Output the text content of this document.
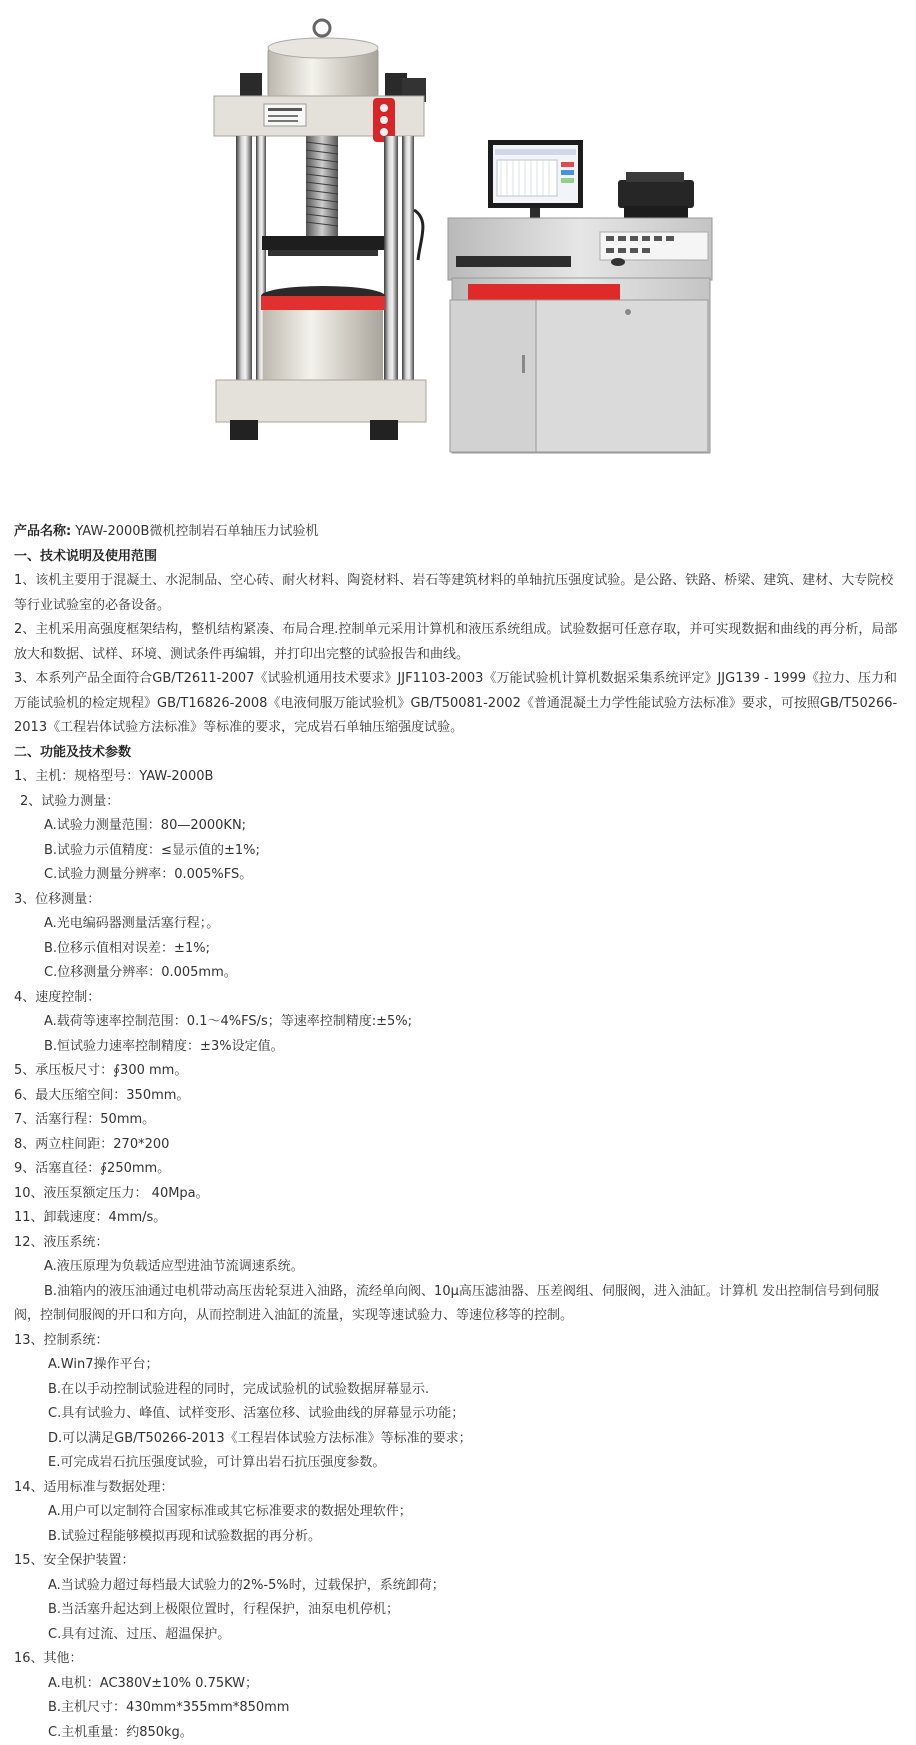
产品名称: YAW-2000B微机控制岩石单轴压力试验机

一、技术说明及使用范围

1、该机主要用于混凝土、水泥制品、空心砖、耐火材料、陶瓷材料、岩石等建筑材料的单轴抗压强度试验。是公路、铁路、桥梁、建筑、建材、大专院校等行业试验室的必备设备。

2、主机采用高强度框架结构，整机结构紧凑、布局合理.控制单元采用计算机和液压系统组成。试验数据可任意存取，并可实现数据和曲线的再分析，局部放大和数据、试样、环境、测试条件再编辑，并打印出完整的试验报告和曲线。

3、本系列产品全面符合GB/T2611-2007《试验机通用技术要求》JJF1103-2003《万能试验机计算机数据采集系统评定》JJG139 - 1999《拉力、压力和万能试验机的检定规程》GB/T16826-2008《电液伺服万能试验机》GB/T50081-2002《普通混凝土力学性能试验方法标准》要求，可按照GB/T50266-2013《工程岩体试验方法标准》等标准的要求，完成岩石单轴压缩强度试验。

二、功能及技术参数

1、主机：规格型号：YAW-2000B

2、试验力测量：

A.试验力测量范围：80—2000KN;

B.试验力示值精度：≤显示值的±1%;

C.试验力测量分辨率：0.005%FS。

3、位移测量：

A.光电编码器测量活塞行程；。

B.位移示值相对误差：±1%;

C.位移测量分辨率：0.005mm。

4、速度控制：

A.载荷等速率控制范围：0.1～4%FS/s；等速率控制精度:±5%;

B.恒试验力速率控制精度：±3%设定值。

5、承压板尺寸：∮300 mm。

6、最大压缩空间：350mm。

7、活塞行程：50mm。

8、两立柱间距：270*200

9、活塞直径：∮250mm。

10、液压泵额定压力： 40Mpa。

11、卸载速度：4mm/s。

12、液压系统：

A.液压原理为负载适应型进油节流调速系统。

B.油箱内的液压油通过电机带动高压齿轮泵进入油路，流经单向阀、10μ高压滤油器、压差阀组、伺服阀，进入油缸。计算机 发出控制信号到伺服阀，控制伺服阀的开口和方向，从而控制进入油缸的流量，实现等速试验力、等速位移等的控制。

13、控制系统：

A.Win7操作平台；

B.在以手动控制试验进程的同时，完成试验机的试验数据屏幕显示.

C.具有试验力、峰值、试样变形、活塞位移、试验曲线的屏幕显示功能；

D.可以满足GB/T50266-2013《工程岩体试验方法标准》等标准的要求；

E.可完成岩石抗压强度试验，可计算出岩石抗压强度参数。

14、适用标准与数据处理：

A.用户可以定制符合国家标准或其它标准要求的数据处理软件；

B.试验过程能够模拟再现和试验数据的再分析。

15、安全保护装置：

A.当试验力超过每档最大试验力的2%-5%时，过载保护，系统卸荷；

B.当活塞升起达到上极限位置时，行程保护，油泵电机停机；

C.具有过流、过压、超温保护。

16、其他：

A.电机：AC380V±10% 0.75KW；

B.主机尺寸：430mm*355mm*850mm

C.主机重量：约850kg。
